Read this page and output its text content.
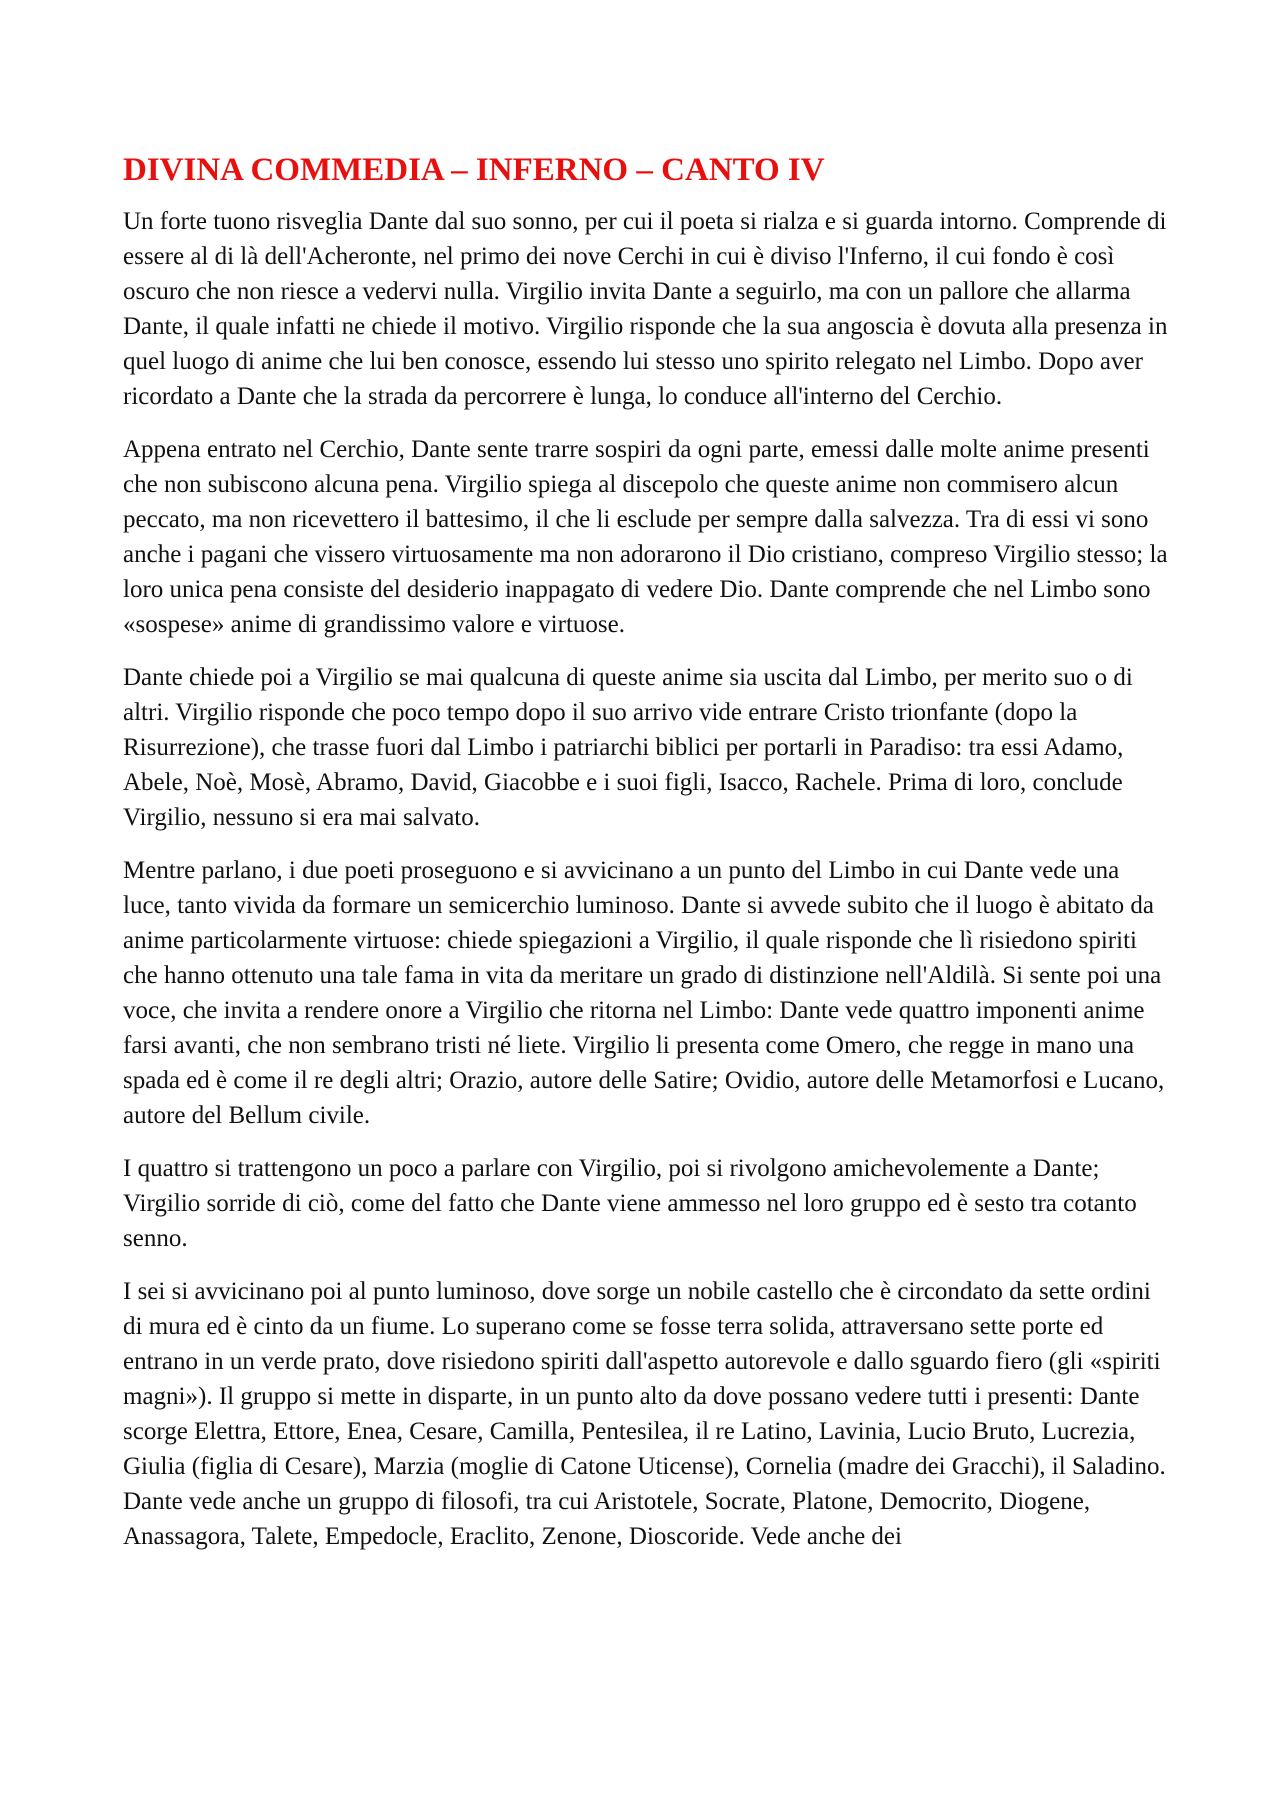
DIVINA COMMEDIA – INFERNO – CANTO IV

Un forte tuono risveglia Dante dal suo sonno, per cui il poeta si rialza e si guarda intorno. Comprende di essere al di là dell'Acheronte, nel primo dei nove Cerchi in cui è diviso l'Inferno, il cui fondo è così oscuro che non riesce a vedervi nulla. Virgilio invita Dante a seguirlo, ma con un pallore che allarma Dante, il quale infatti ne chiede il motivo. Virgilio risponde che la sua angoscia è dovuta alla presenza in quel luogo di anime che lui ben conosce, essendo lui stesso uno spirito relegato nel Limbo. Dopo aver ricordato a Dante che la strada da percorrere è lunga, lo conduce all'interno del Cerchio.

Appena entrato nel Cerchio, Dante sente trarre sospiri da ogni parte, emessi dalle molte anime presenti che non subiscono alcuna pena. Virgilio spiega al discepolo che queste anime non commisero alcun peccato, ma non ricevettero il battesimo, il che li esclude per sempre dalla salvezza. Tra di essi vi sono anche i pagani che vissero virtuosamente ma non adorarono il Dio cristiano, compreso Virgilio stesso; la loro unica pena consiste del desiderio inappagato di vedere Dio. Dante comprende che nel Limbo sono «sospese» anime di grandissimo valore e virtuose.

Dante chiede poi a Virgilio se mai qualcuna di queste anime sia uscita dal Limbo, per merito suo o di altri. Virgilio risponde che poco tempo dopo il suo arrivo vide entrare Cristo trionfante (dopo la Risurrezione), che trasse fuori dal Limbo i patriarchi biblici per portarli in Paradiso: tra essi Adamo, Abele, Noè, Mosè, Abramo, David, Giacobbe e i suoi figli, Isacco, Rachele. Prima di loro, conclude Virgilio, nessuno si era mai salvato.

Mentre parlano, i due poeti proseguono e si avvicinano a un punto del Limbo in cui Dante vede una luce, tanto vivida da formare un semicerchio luminoso. Dante si avvede subito che il luogo è abitato da anime particolarmente virtuose: chiede spiegazioni a Virgilio, il quale risponde che lì risiedono spiriti che hanno ottenuto una tale fama in vita da meritare un grado di distinzione nell'Aldilà. Si sente poi una voce, che invita a rendere onore a Virgilio che ritorna nel Limbo: Dante vede quattro imponenti anime farsi avanti, che non sembrano tristi né liete. Virgilio li presenta come Omero, che regge in mano una spada ed è come il re degli altri; Orazio, autore delle Satire; Ovidio, autore delle Metamorfosi e Lucano, autore del Bellum civile.

I quattro si trattengono un poco a parlare con Virgilio, poi si rivolgono amichevolemente a Dante; Virgilio sorride di ciò, come del fatto che Dante viene ammesso nel loro gruppo ed è sesto tra cotanto senno.

I sei si avvicinano poi al punto luminoso, dove sorge un nobile castello che è circondato da sette ordini di mura ed è cinto da un fiume. Lo superano come se fosse terra solida, attraversano sette porte ed entrano in un verde prato, dove risiedono spiriti dall'aspetto autorevole e dallo sguardo fiero (gli «spiriti magni»). Il gruppo si mette in disparte, in un punto alto da dove possano vedere tutti i presenti: Dante scorge Elettra, Ettore, Enea, Cesare, Camilla, Pentesilea, il re Latino, Lavinia, Lucio Bruto, Lucrezia, Giulia (figlia di Cesare), Marzia (moglie di Catone Uticense), Cornelia (madre dei Gracchi), il Saladino. Dante vede anche un gruppo di filosofi, tra cui Aristotele, Socrate, Platone, Democrito, Diogene, Anassagora, Talete, Empedocle, Eraclito, Zenone, Dioscoride. Vede anche dei
